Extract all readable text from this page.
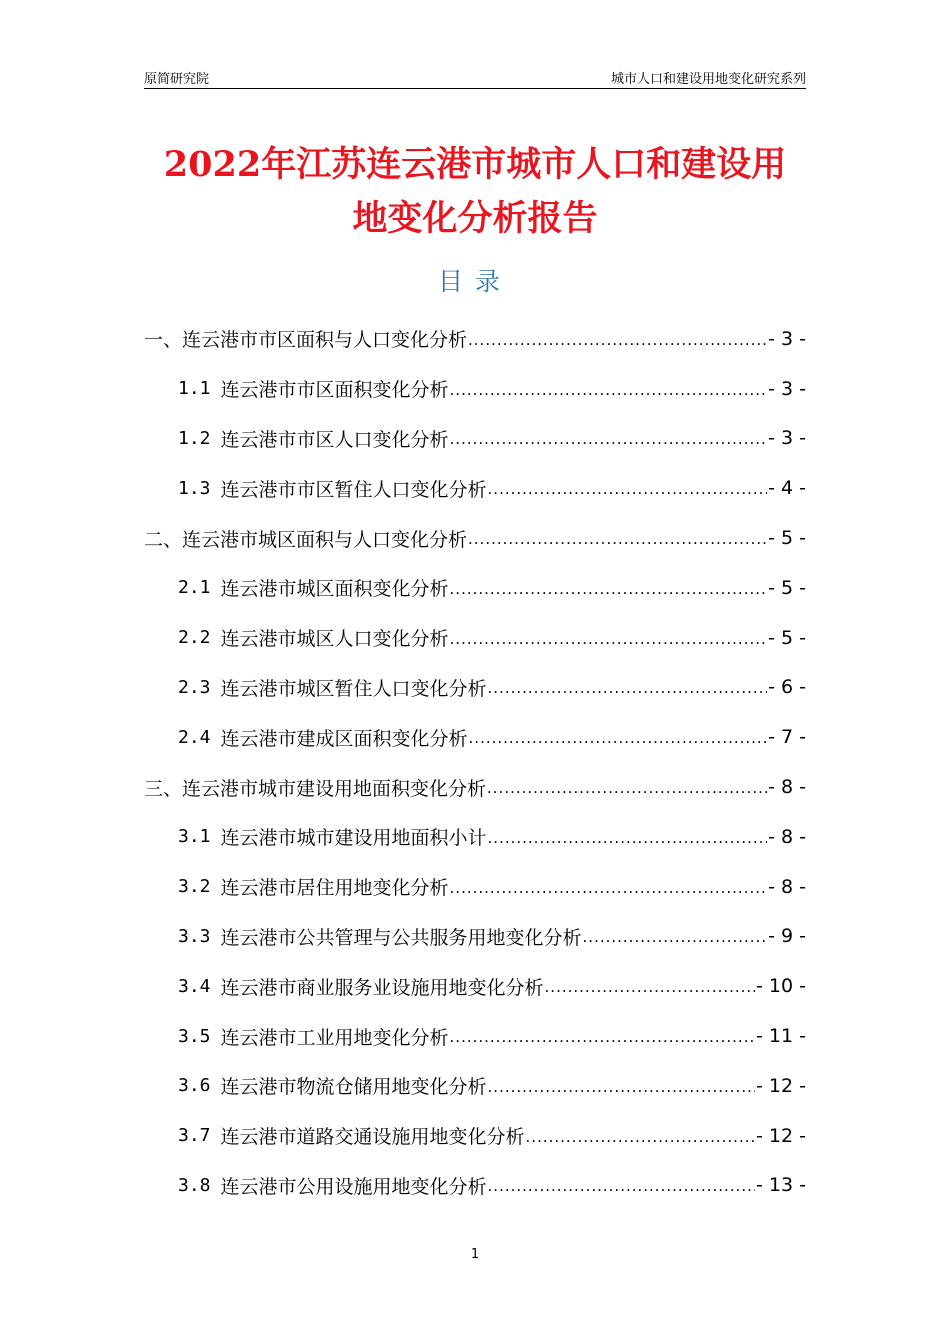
原简研究院	城市人口和建设用地变化研究系列
2022年江苏连云港市城市人口和建设用
地变化分析报告
目录
一、连云港市市区面积与人口变化分析 .....	- 3 -
1.1 连云港市市区面积变化分析 .....	- 3 -
1.2 连云港市市区人口变化分析 .....	- 3 -
1.3 连云港市市区暂住人口变化分析 .....	- 4 -
二、连云港市城区面积与人口变化分析 .....	- 5 -
2.1 连云港市城区面积变化分析 .....	- 5 -
2.2 连云港市城区人口变化分析 .....	- 5 -
2.3 连云港市城区暂住人口变化分析 .....	- 6 -
2.4 连云港市建成区面积变化分析 .....	- 7 -
三、连云港市城市建设用地面积变化分析 .....	- 8 -
3.1 连云港市城市建设用地面积小计 .....	- 8 -
3.2 连云港市居住用地变化分析 .....	- 8 -
3.3 连云港市公共管理与公共服务用地变化分析 .....	- 9 -
3.4 连云港市商业服务业设施用地变化分析 .....	- 10 -
3.5 连云港市工业用地变化分析 .....	- 11 -
3.6 连云港市物流仓储用地变化分析 .....	- 12 -
3.7 连云港市道路交通设施用地变化分析 .....	- 12 -
3.8 连云港市公用设施用地变化分析 .....	- 13 -
1
